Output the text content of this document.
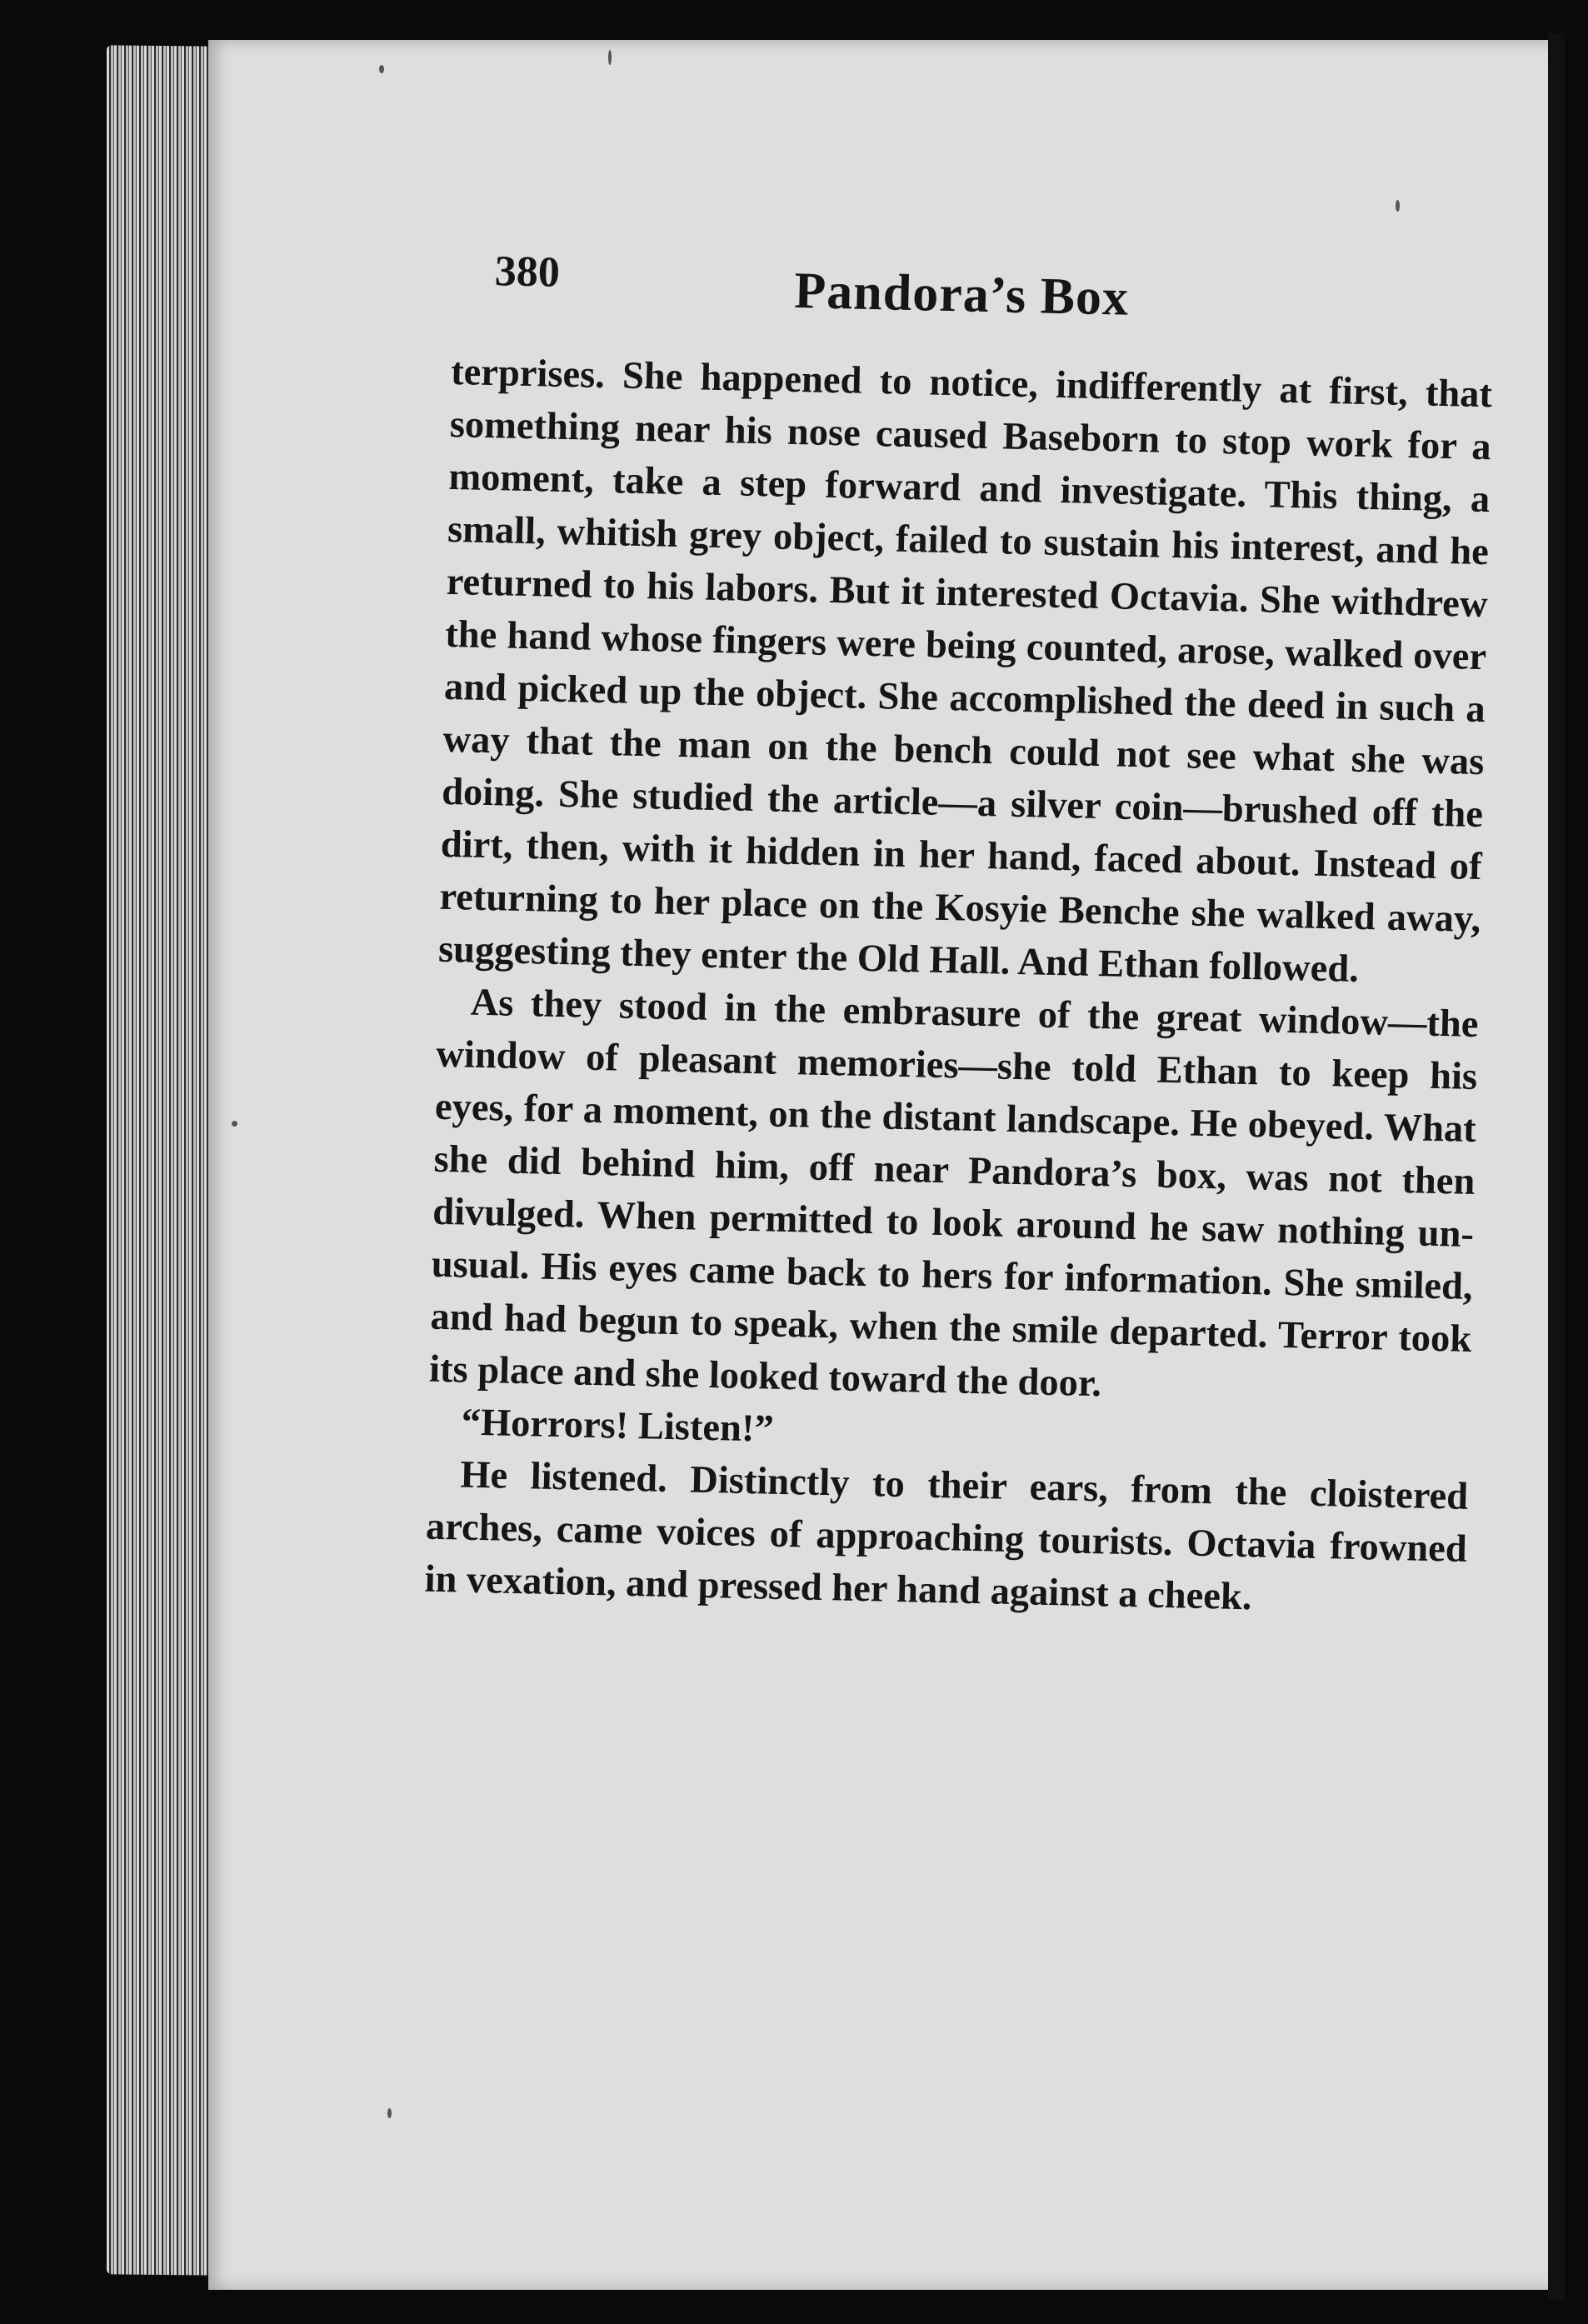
380	Pandora’s Box

terprises. She happened to notice, indifferently at first, that something near his nose caused Baseborn to stop work for a moment, take a step forward and investigate. This thing, a small, whitish grey object, failed to sustain his interest, and he returned to his labors. But it interested Octavia. She withdrew the hand whose fingers were being counted, arose, walked over and picked up the object. She accomplished the deed in such a way that the man on the bench could not see what she was doing. She studied the article—a silver coin—brushed off the dirt, then, with it hidden in her hand, faced about. Instead of returning to her place on the Kosyie Benche she walked away, suggesting they enter the Old Hall. And Ethan followed.

As they stood in the embrasure of the great window—the window of pleasant memories—she told Ethan to keep his eyes, for a moment, on the distant landscape. He obeyed. What she did behind him, off near Pandora’s box, was not then divulged. When permitted to look around he saw nothing unusual. His eyes came back to hers for information. She smiled, and had begun to speak, when the smile departed. Terror took its place and she looked toward the door.

“Horrors! Listen!”

He listened. Distinctly to their ears, from the cloistered arches, came voices of approaching tourists. Octavia frowned in vexation, and pressed her hand against a cheek.
